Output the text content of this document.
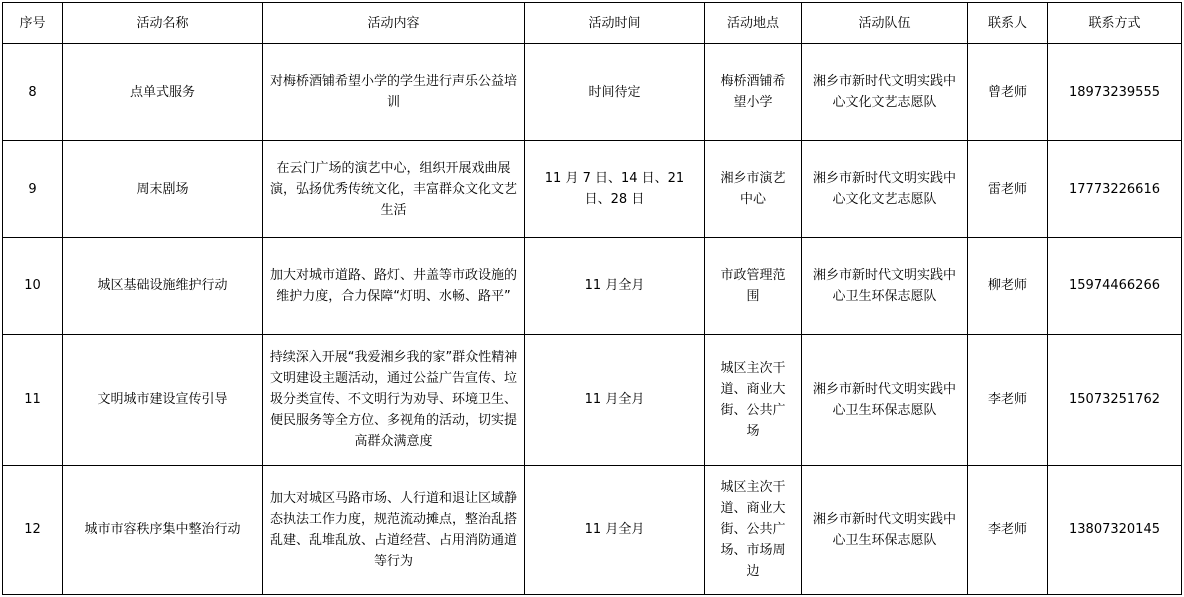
序号	活动名称	活动内容	活动时间	活动地点	活动队伍	联系人	联系方式
8	点单式服务	对梅桥酒铺希望小学的学生进行声乐公益培训	时间待定	梅桥酒铺希望小学	湘乡市新时代文明实践中心文化文艺志愿队	曾老师	18973239555
9	周末剧场	在云门广场的演艺中心，组织开展戏曲展演，弘扬优秀传统文化，丰富群众文化文艺生活	11 月 7 日、14 日、21 日、28 日	湘乡市演艺中心	湘乡市新时代文明实践中心文化文艺志愿队	雷老师	17773226616
10	城区基础设施维护行动	加大对城市道路、路灯、井盖等市政设施的维护力度，合力保障“灯明、水畅、路平”	11 月全月	市政管理范围	湘乡市新时代文明实践中心卫生环保志愿队	柳老师	15974466266
11	文明城市建设宣传引导	持续深入开展“我爱湘乡我的家”群众性精神文明建设主题活动，通过公益广告宣传、垃圾分类宣传、不文明行为劝导、环境卫生、便民服务等全方位、多视角的活动，切实提高群众满意度	11 月全月	城区主次干道、商业大街、公共广场	湘乡市新时代文明实践中心卫生环保志愿队	李老师	15073251762
12	城市市容秩序集中整治行动	加大对城区马路市场、人行道和退让区域静态执法工作力度，规范流动摊点，整治乱搭乱建、乱堆乱放、占道经营、占用消防通道等行为	11 月全月	城区主次干道、商业大街、公共广场、市场周边	湘乡市新时代文明实践中心卫生环保志愿队	李老师	13807320145
